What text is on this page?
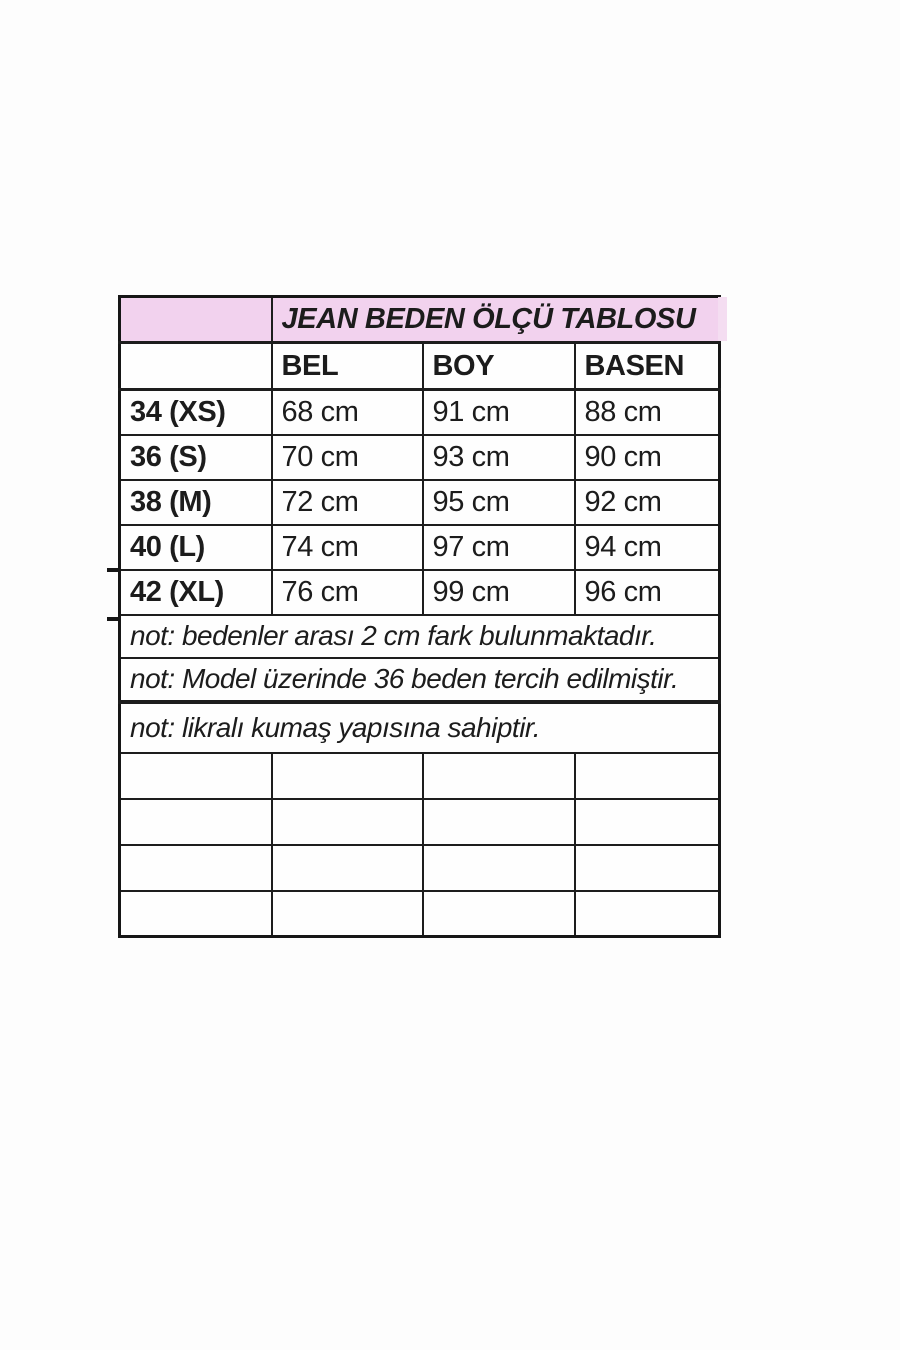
	JEAN BEDEN ÖLÇÜ TABLOSU		
	BEL	BOY	BASEN
34 (XS)	68 cm	91 cm	88 cm
36 (S)	70 cm	93 cm	90 cm
38 (M)	72 cm	95 cm	92 cm
40 (L)	74 cm	97 cm	94 cm
42 (XL)	76 cm	99 cm	96 cm
not: bedenler arası 2 cm fark bulunmaktadır.			
not: Model üzerinde 36 beden tercih edilmiştir.			
not: likralı kumaş yapısına sahiptir.			
